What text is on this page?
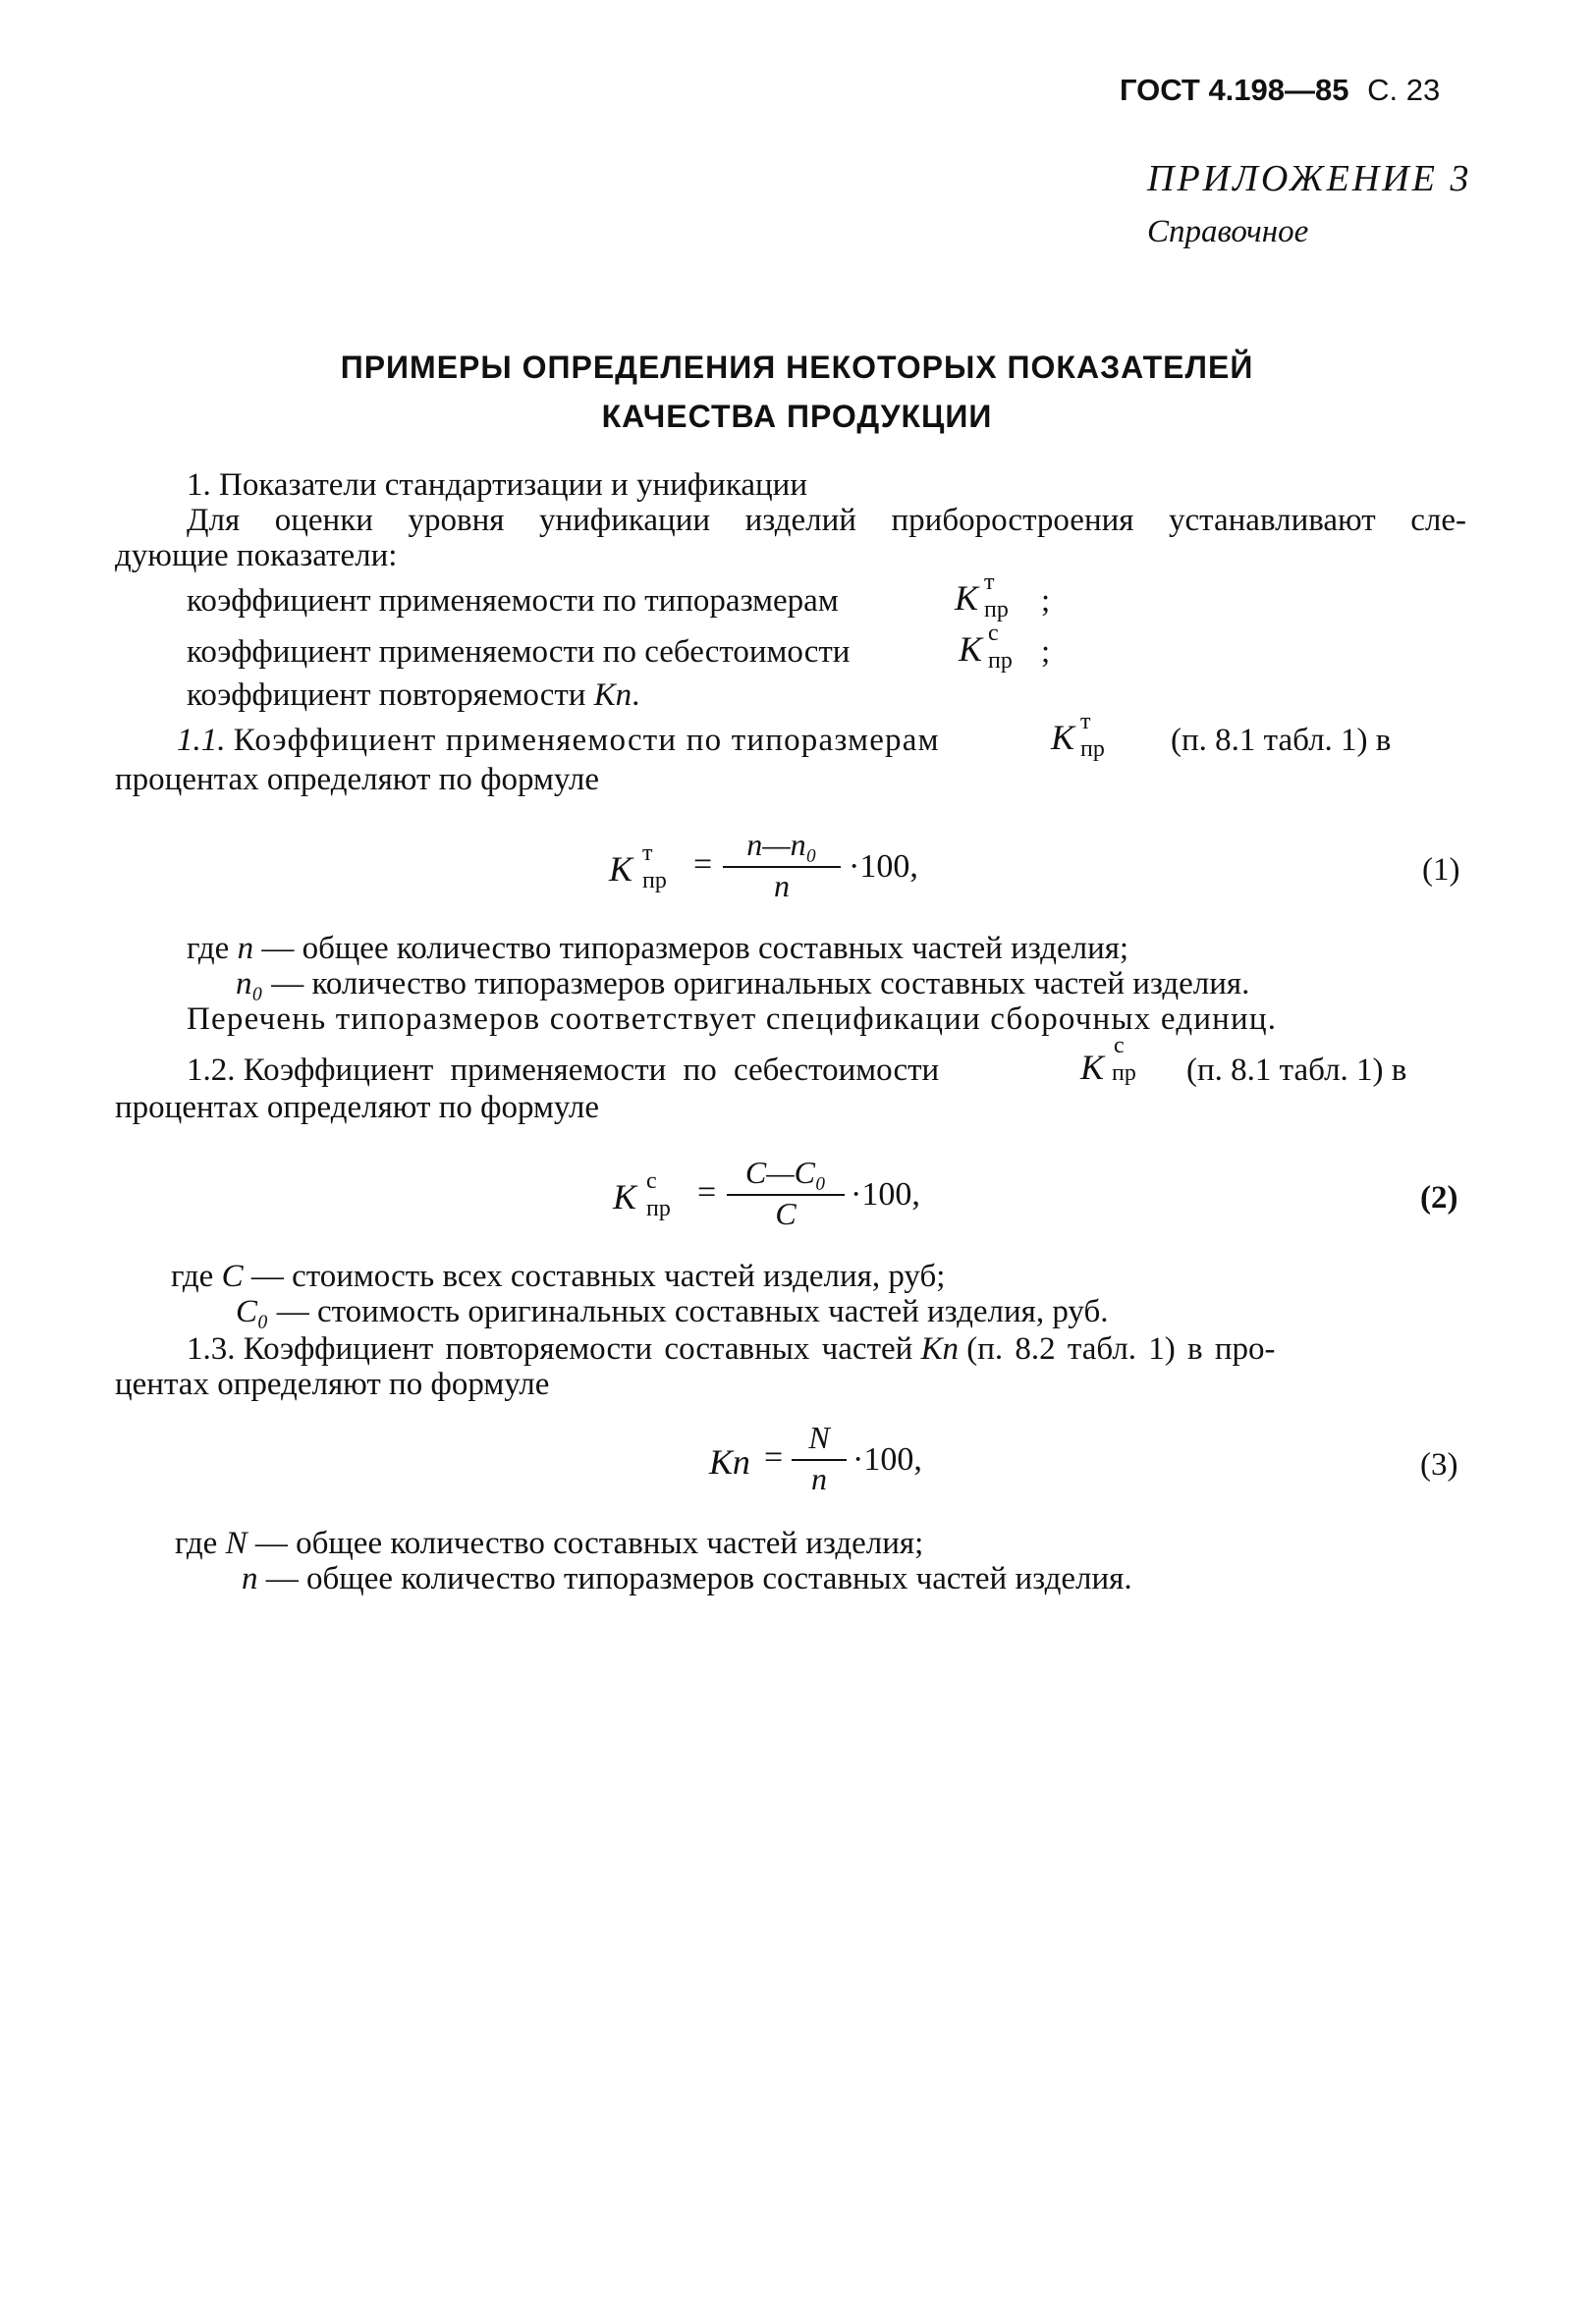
ГОСТ 4.198—85 С. 23
ПРИЛОЖЕНИЕ 3
Справочное
ПРИМЕРЫ ОПРЕДЕЛЕНИЯ НЕКОТОРЫХ ПОКАЗАТЕЛЕЙ
КАЧЕСТВА ПРОДУКЦИИ
1. Показатели стандартизации и унификации
Для оценки уровня унификации изделий приборостроения устанавливают сле-
дующие показатели:
коэффициент применяемости по типоразмерам	К т
пр ;
коэффициент применяемости по себестоимости	К с
пр ;
коэффициент повторяемости Кп.
1.1. Коэффициент применяемости по типоразмерам	К т
пр (п. 8.1 табл. 1) в
процентах определяют по формуле
К т
пр =
n—n₀
n
·100,	(1)
где n — общее количество типоразмеров составных частей изделия;
n₀ — количество типоразмеров оригинальных составных частей изделия.
Перечень типоразмеров соответствует спецификации сборочных единиц.
1.2. Коэффициент применяемости по себестоимости	К
с
пр (п. 8.1 табл. 1) в
процентах определяют по формуле
К с
пр =
С—С₀
С
·100,	(2)
где С — стоимость всех составных частей изделия, руб;
С₀ — стоимость оригинальных составных частей изделия, руб.
1.3. Коэффициент повторяемости составных частей Кп (п. 8.2 табл. 1) в про-
центах определяют по формуле
Кп =
N
n
·100,	(3)
где N — общее количество составных частей изделия;
n — общее количество типоразмеров составных частей изделия.
